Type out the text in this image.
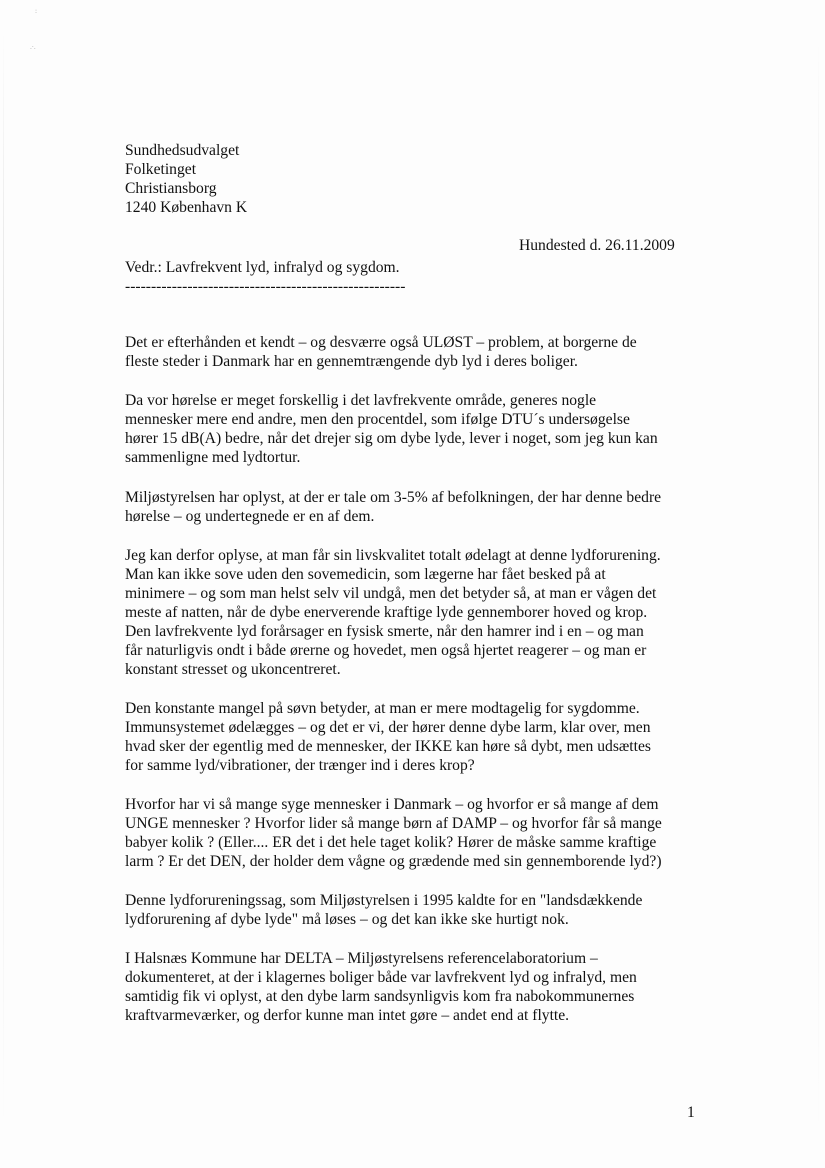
:
.·.
Sundhedsudvalget
Folketinget
Christiansborg
1240 København K
Hundested d. 26.11.2009
Vedr.: Lavfrekvent lyd, infralyd og sygdom.
------------------------------------------------------

Det er efterhånden et kendt – og desværre også ULØST – problem, at borgerne de
fleste steder i Danmark har en gennemtrængende dyb lyd i deres boliger.

Da vor hørelse er meget forskellig i det lavfrekvente område, generes nogle
mennesker mere end andre, men den procentdel, som ifølge DTU´s undersøgelse
hører 15 dB(A) bedre, når det drejer sig om dybe lyde, lever i noget, som jeg kun kan
sammenligne med lydtortur.

Miljøstyrelsen har oplyst, at der er tale om 3-5% af befolkningen, der har denne bedre
hørelse – og undertegnede er en af dem.

Jeg kan derfor oplyse, at man får sin livskvalitet totalt ødelagt at denne lydforurening.
Man kan ikke sove uden den sovemedicin, som lægerne har fået besked på at
minimere – og som man helst selv vil undgå, men det betyder så, at man er vågen det
meste af natten, når de dybe enerverende kraftige lyde gennemborer hoved og krop.
Den lavfrekvente lyd forårsager en fysisk smerte, når den hamrer ind i en – og man
får naturligvis ondt i både ørerne og hovedet, men også hjertet reagerer – og man er
konstant stresset og ukoncentreret.

Den konstante mangel på søvn betyder, at man er mere modtagelig for sygdomme.
Immunsystemet ødelægges – og det er vi, der hører denne dybe larm, klar over, men
hvad sker der egentlig med de mennesker, der IKKE kan høre så dybt, men udsættes
for samme lyd/vibrationer, der trænger ind i deres krop?

Hvorfor har vi så mange syge mennesker i Danmark – og hvorfor er så mange af dem
UNGE mennesker ? Hvorfor lider så mange børn af DAMP – og hvorfor får så mange
babyer kolik ? (Eller.... ER det i det hele taget kolik? Hører de måske samme kraftige
larm ? Er det DEN, der holder dem vågne og grædende med sin gennemborende lyd?)

Denne lydforureningssag, som Miljøstyrelsen i 1995 kaldte for en "landsdækkende
lydforurening af dybe lyde" må løses – og det kan ikke ske hurtigt nok.

I Halsnæs Kommune har DELTA – Miljøstyrelsens referencelaboratorium –
dokumenteret, at der i klagernes boliger både var lavfrekvent lyd og infralyd, men
samtidig fik vi oplyst, at den dybe larm sandsynligvis kom fra nabokommunernes
kraftvarmeværker, og derfor kunne man intet gøre – andet end at flytte.

1
